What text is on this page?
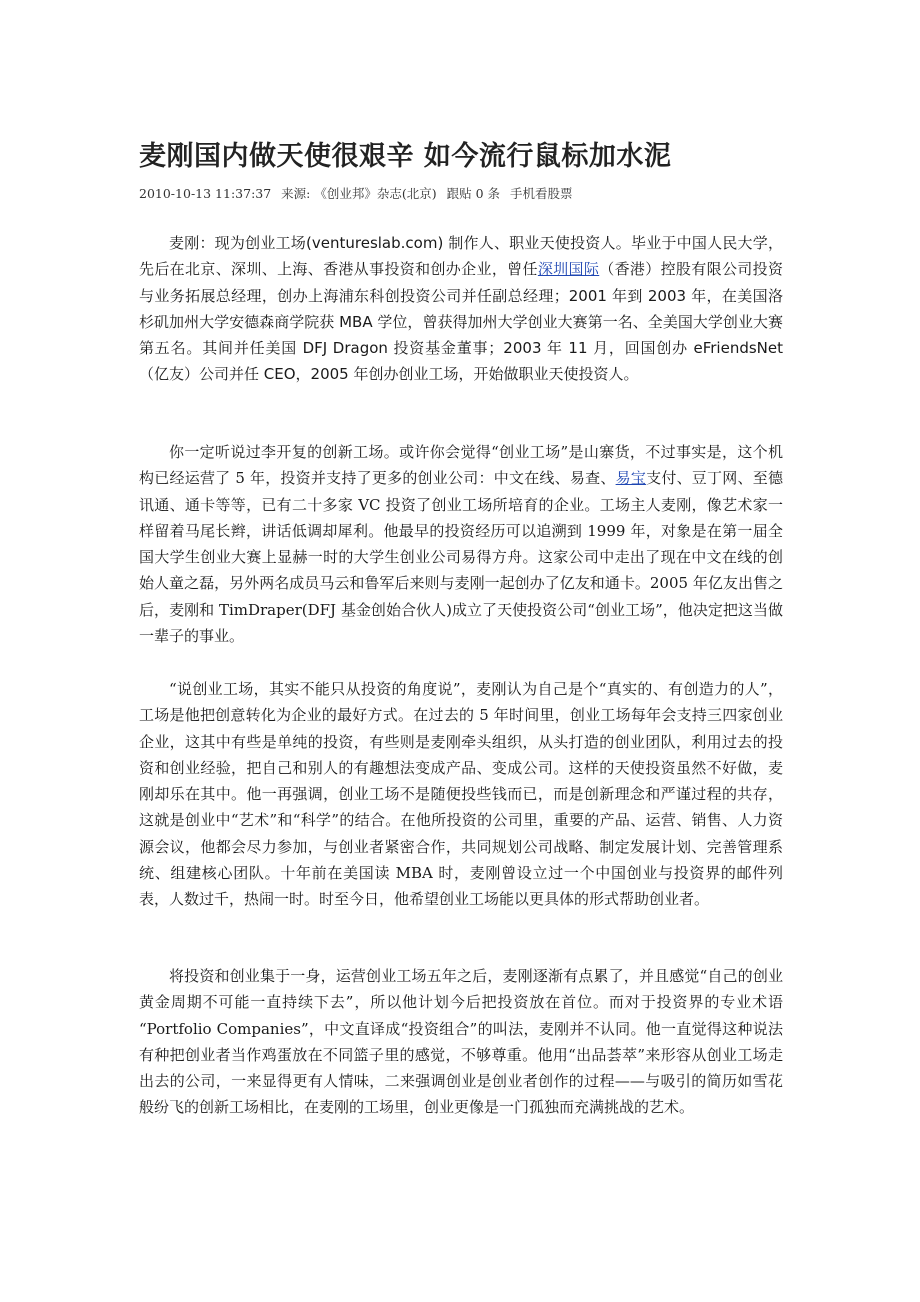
麦刚国内做天使很艰辛 如今流行鼠标加水泥
2010-10-13 11:37:37 来源: 《创业邦》杂志(北京) 跟贴 0 条 手机看股票

麦刚：现为创业工场(ventureslab.com) 制作人、职业天使投资人。毕业于中国人民大学，先后在北京、深圳、上海、香港从事投资和创办企业，曾任深圳国际（香港）控股有限公司投资与业务拓展总经理，创办上海浦东科创投资公司并任副总经理；2001 年到 2003 年，在美国洛杉矶加州大学安德森商学院获 MBA 学位，曾获得加州大学创业大赛第一名、全美国大学创业大赛第五名。其间并任美国 DFJ Dragon 投资基金董事；2003 年 11 月，回国创办 eFriendsNet（亿友）公司并任 CEO，2005 年创办创业工场，开始做职业天使投资人。

你一定听说过李开复的创新工场。或许你会觉得“创业工场”是山寨货，不过事实是，这个机构已经运营了 5 年，投资并支持了更多的创业公司：中文在线、易查、易宝支付、豆丁网、至德讯通、通卡等等，已有二十多家 VC 投资了创业工场所培育的企业。工场主人麦刚，像艺术家一样留着马尾长辫，讲话低调却犀利。他最早的投资经历可以追溯到 1999 年，对象是在第一届全国大学生创业大赛上显赫一时的大学生创业公司易得方舟。这家公司中走出了现在中文在线的创始人童之磊，另外两名成员马云和鲁军后来则与麦刚一起创办了亿友和通卡。2005 年亿友出售之后，麦刚和 TimDraper(DFJ 基金创始合伙人)成立了天使投资公司“创业工场”，他决定把这当做一辈子的事业。

“说创业工场，其实不能只从投资的角度说”，麦刚认为自己是个“真实的、有创造力的人”，工场是他把创意转化为企业的最好方式。在过去的 5 年时间里，创业工场每年会支持三四家创业企业，这其中有些是单纯的投资，有些则是麦刚牵头组织，从头打造的创业团队，利用过去的投资和创业经验，把自己和别人的有趣想法变成产品、变成公司。这样的天使投资虽然不好做，麦刚却乐在其中。他一再强调，创业工场不是随便投些钱而已，而是创新理念和严谨过程的共存，这就是创业中“艺术”和“科学”的结合。在他所投资的公司里，重要的产品、运营、销售、人力资源会议，他都会尽力参加，与创业者紧密合作，共同规划公司战略、制定发展计划、完善管理系统、组建核心团队。十年前在美国读 MBA 时，麦刚曾设立过一个中国创业与投资界的邮件列表，人数过千，热闹一时。时至今日，他希望创业工场能以更具体的形式帮助创业者。

将投资和创业集于一身，运营创业工场五年之后，麦刚逐渐有点累了，并且感觉“自己的创业黄金周期不可能一直持续下去”，所以他计划今后把投资放在首位。而对于投资界的专业术语 “Portfolio Companies”，中文直译成“投资组合”的叫法，麦刚并不认同。他一直觉得这种说法有种把创业者当作鸡蛋放在不同篮子里的感觉，不够尊重。他用“出品荟萃”来形容从创业工场走出去的公司，一来显得更有人情味，二来强调创业是创业者创作的过程——与吸引的简历如雪花般纷飞的创新工场相比，在麦刚的工场里，创业更像是一门孤独而充满挑战的艺术。
